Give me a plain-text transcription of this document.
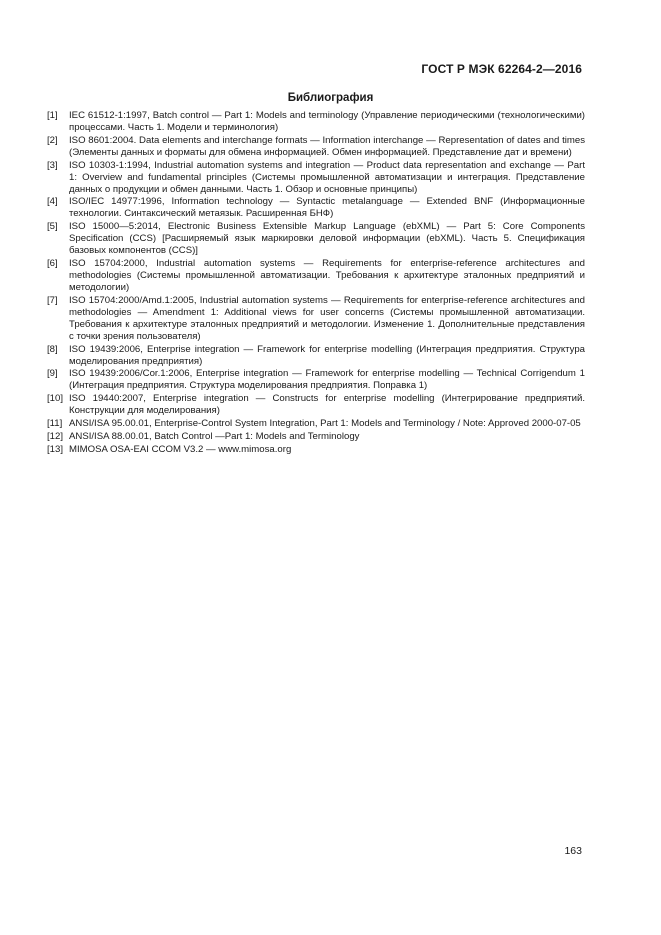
ГОСТ Р МЭК 62264-2—2016
Библиография
[1]	IEC 61512-1:1997, Batch control — Part 1: Models and terminology (Управление периодическими (технологическими) процессами. Часть 1. Модели и терминология)
[2]	ISO 8601:2004. Data elements and interchange formats — Information interchange — Representation of dates and times (Элементы данных и форматы для обмена информацией. Обмен информацией. Представление дат и времени)
[3]	ISO 10303-1:1994, Industrial automation systems and integration — Product data representation and exchange — Part 1: Overview and fundamental principles (Системы промышленной автоматизации и интеграция. Представление данных о продукции и обмен данными. Часть 1. Обзор и основные принципы)
[4]	ISO/IEC 14977:1996, Information technology — Syntactic metalanguage — Extended BNF (Информационные технологии. Синтаксический метаязык. Расширенная БНФ)
[5]	ISO 15000—5:2014, Electronic Business Extensible Markup Language (ebXML) — Part 5: Core Components Specification (CCS) [Расширяемый язык маркировки деловой информации (ebXML). Часть 5. Спецификация базовых компонентов (CCS)]
[6]	ISO 15704:2000, Industrial automation systems — Requirements for enterprise-reference architectures and methodologies (Системы промышленной автоматизации. Требования к архитектуре эталонных предприятий и методологии)
[7]	ISO 15704:2000/Amd.1:2005, Industrial automation systems — Requirements for enterprise-reference architectures and methodologies — Amendment 1: Additional views for user concerns (Системы промышленной автоматизации. Требования к архитектуре эталонных предприятий и методологии. Изменение 1. Дополнительные представления с точки зрения пользователя)
[8]	ISO 19439:2006, Enterprise integration — Framework for enterprise modelling (Интеграция предприятия. Структура моделирования предприятия)
[9]	ISO 19439:2006/Cor.1:2006, Enterprise integration — Framework for enterprise modelling — Technical Corrigendum 1 (Интеграция предприятия. Структура моделирования предприятия. Поправка 1)
[10] ISO 19440:2007, Enterprise integration — Constructs for enterprise modelling (Интегрирование предприятий. Конструкции для моделирования)
[11] ANSI/ISA 95.00.01, Enterprise-Control System Integration, Part 1: Models and Terminology / Note: Approved 2000-07-05
[12] ANSI/ISA 88.00.01, Batch Control —Part 1: Models and Terminology
[13] MIMOSA OSA-EAI CCOM V3.2 — www.mimosa.org
163
